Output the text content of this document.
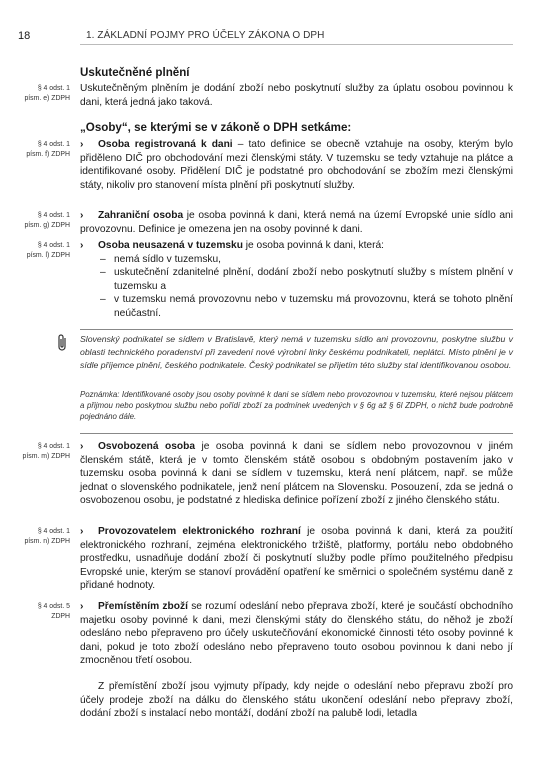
18	1. ZÁKLADNÍ POJMY PRO ÚČELY ZÁKONA O DPH
Uskutečněné plnění
§ 4 odst. 1
písm. e) ZDPH
Uskutečněným plněním je dodání zboží nebo poskytnutí služby za úplatu osobou povinnou k dani, která jedná jako taková.
„Osoby“, se kterými se v zákoně o DPH setkáme:
§ 4 odst. 1
písm. f) ZDPH
› Osoba registrovaná k dani – tato definice se obecně vztahuje na osoby, kterým bylo přiděleno DIČ pro obchodování mezi členskými státy. V tuzemsku se tedy vztahuje na plátce a identifikované osoby. Přidělení DIČ je podstatné pro obchodování se zbožím mezi členskými státy, nikoliv pro stanovení místa plnění při poskytnutí služby.
§ 4 odst. 1
písm. g) ZDPH
› Zahraniční osoba je osoba povinná k dani, která nemá na území Evropské unie sídlo ani provozovnu. Definice je omezena jen na osoby povinné k dani.
§ 4 odst. 1
písm. l) ZDPH
› Osoba neusazená v tuzemsku je osoba povinná k dani, která:
– nemá sídlo v tuzemsku,
– uskutečnění zdanitelné plnění, dodání zboží nebo poskytnutí služby s místem plnění v tuzemsku a
– v tuzemsku nemá provozovnu nebo v tuzemsku má provozovnu, která se tohoto plnění neúčastní.
Slovenský podnikatel se sídlem v Bratislavě, který nemá v tuzemsku sídlo ani provozovnu, poskytne službu v oblasti technického poradenství při zavedení nové výrobní linky českému podnikateli, neplátci. Místo plnění je v sídle příjemce plnění, českého podnikatele. Český podnikatel se přijetím této služby stal identifikovanou osobou.
Poznámka: Identifikované osoby jsou osoby povinné k dani se sídlem nebo provozovnou v tuzemsku, které nejsou plátcem a přijmou nebo poskytnou službu nebo pořídí zboží za podmínek uvedených v § 6g až § 6l ZDPH, o nichž bude podrobně pojednáno dále.
§ 4 odst. 1
písm. m) ZDPH
› Osvobozená osoba je osoba povinná k dani se sídlem nebo provozovnou v jiném členském státě, která je v tomto členském státě osobou s obdobným postavením jako v tuzemsku osoba povinná k dani se sídlem v tuzemsku, která není plátcem, např. se může jednat o slovenského podnikatele, jenž není plátcem na Slovensku. Posouzení, zda se jedná o osvobozenou osobu, je podstatné z hlediska definice pořízení zboží z jiného členského státu.
§ 4 odst. 1
písm. n) ZDPH
› Provozovatelem elektronického rozhraní je osoba povinná k dani, která za použití elektronického rozhraní, zejména elektronického tržiště, platformy, portálu nebo obdobného prostředku, usnadňuje dodání zboží či poskytnutí služby podle přímo použitelného předpisu Evropské unie, kterým se stanoví provádění opatření ke směrnici o společném systému daně z přidané hodnoty.
§ 4 odst. 5
ZDPH
› Přemístěním zboží se rozumí odeslání nebo přeprava zboží, které je součástí obchodního majetku osoby povinné k dani, mezi členskými státy do členského státu, do něhož je zboží odesláno nebo přepraveno pro účely uskutečňování ekonomické činnosti této osoby povinné k dani, pokud je toto zboží odesláno nebo přepraveno touto osobou povinnou k dani nebo jí zmocněnou třetí osobou.
Z přemístění zboží jsou vyjmuty případy, kdy nejde o odeslání nebo přepravu zboží pro účely prodeje zboží na dálku do členského státu ukončení odeslání nebo přepravy zboží, dodání zboží s instalací nebo montáží, dodání zboží na palubě lodi, letadla
